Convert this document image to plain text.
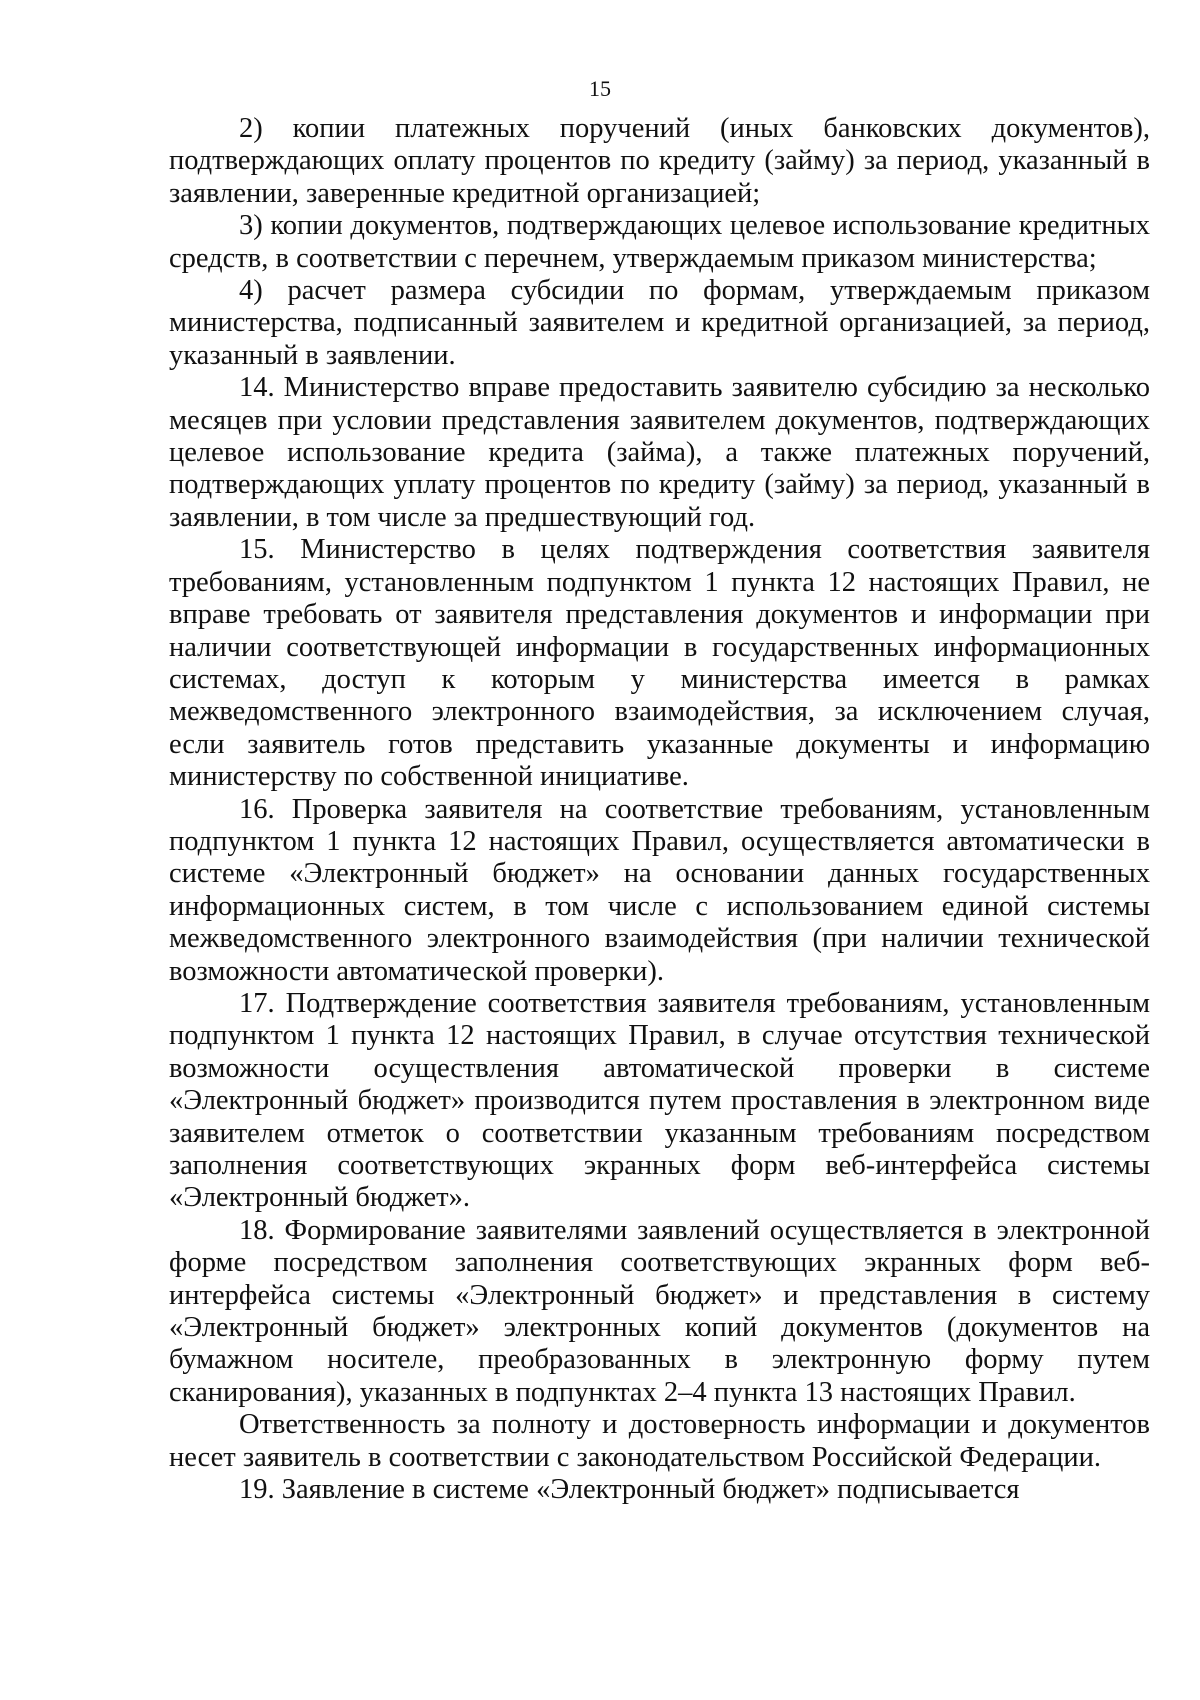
15

2) копии платежных поручений (иных банковских документов), подтверждающих оплату процентов по кредиту (займу) за период, указанный в заявлении, заверенные кредитной организацией;

3) копии документов, подтверждающих целевое использование кредитных средств, в соответствии с перечнем, утверждаемым приказом министерства;

4) расчет размера субсидии по формам, утверждаемым приказом министерства, подписанный заявителем и кредитной организацией, за период, указанный в заявлении.

14. Министерство вправе предоставить заявителю субсидию за несколько месяцев при условии представления заявителем документов, подтверждающих целевое использование кредита (займа), а также платежных поручений, подтверждающих уплату процентов по кредиту (займу) за период, указанный в заявлении, в том числе за предшествующий год.

15. Министерство в целях подтверждения соответствия заявителя требованиям, установленным подпунктом 1 пункта 12 настоящих Правил, не вправе требовать от заявителя представления документов и информации при наличии соответствующей информации в государственных информационных системах, доступ к которым у министерства имеется в рамках межведомственного электронного взаимодействия, за исключением случая, если заявитель готов представить указанные документы и информацию министерству по собственной инициативе.

16. Проверка заявителя на соответствие требованиям, установленным подпунктом 1 пункта 12 настоящих Правил, осуществляется автоматически в системе «Электронный бюджет» на основании данных государственных информационных систем, в том числе с использованием единой системы межведомственного электронного взаимодействия (при наличии технической возможности автоматической проверки).

17. Подтверждение соответствия заявителя требованиям, установленным подпунктом 1 пункта 12 настоящих Правил, в случае отсутствия технической возможности осуществления автоматической проверки в системе «Электронный бюджет» производится путем проставления в электронном виде заявителем отметок о соответствии указанным требованиям посредством заполнения соответствующих экранных форм веб-интерфейса системы «Электронный бюджет».

18. Формирование заявителями заявлений осуществляется в электронной форме посредством заполнения соответствующих экранных форм веб-интерфейса системы «Электронный бюджет» и представления в систему «Электронный бюджет» электронных копий документов (документов на бумажном носителе, преобразованных в электронную форму путем сканирования), указанных в подпунктах 2–4 пункта 13 настоящих Правил.

Ответственность за полноту и достоверность информации и документов несет заявитель в соответствии с законодательством Российской Федерации.

19. Заявление в системе «Электронный бюджет» подписывается
